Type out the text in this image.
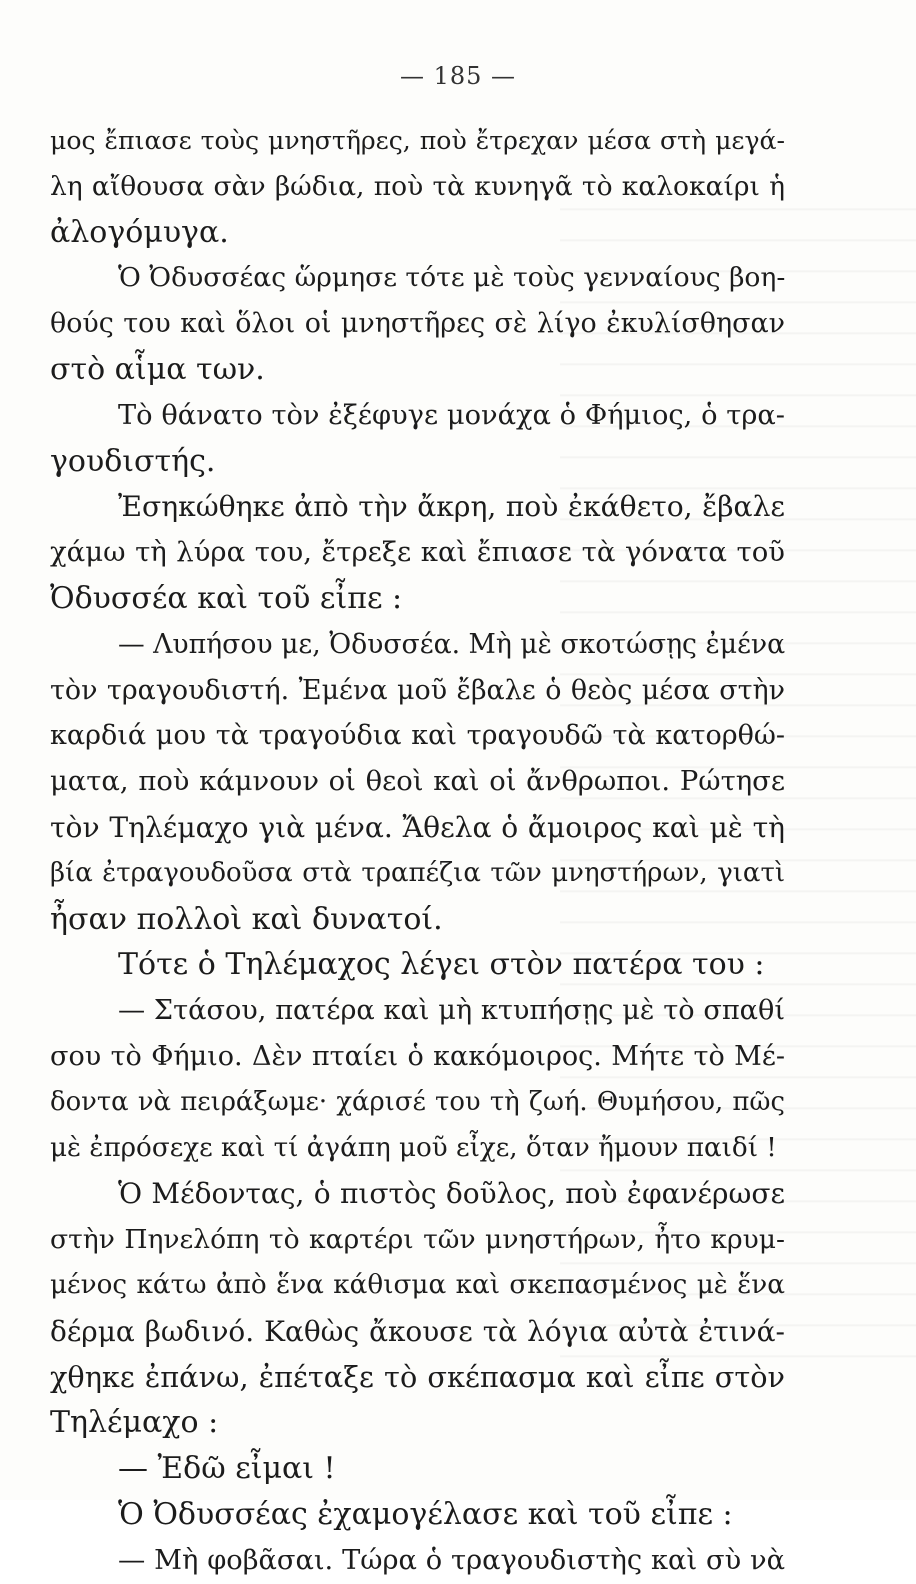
— 185 —
μος ἔπιασε τοὺς μνηστῆρες, ποὺ ἔτρεχαν μέσα στὴ μεγά-
λη αἴθουσα σὰν βώδια, ποὺ τὰ κυνηγᾶ τὸ καλοκαίρι ἡ
ἀλογόμυγα.
Ὁ Ὀδυσσέας ὥρμησε τότε μὲ τοὺς γενναίους βοη-
θούς του καὶ ὅλοι οἱ μνηστῆρες σὲ λίγο ἐκυλίσθησαν
στὸ αἷμα των.
Τὸ θάνατο τὸν ἐξέφυγε μονάχα ὁ Φήμιος, ὁ τρα-
γουδιστής.
Ἐσηκώθηκε ἀπὸ τὴν ἄκρη, ποὺ ἐκάθετο, ἔβαλε
χάμω τὴ λύρα του, ἔτρεξε καὶ ἔπιασε τὰ γόνατα τοῦ
Ὀδυσσέα καὶ τοῦ εἶπε :
— Λυπήσου με, Ὀδυσσέα. Μὴ μὲ σκοτώσῃς ἐμένα
τὸν τραγουδιστή. Ἐμένα μοῦ ἔβαλε ὁ θεὸς μέσα στὴν
καρδιά μου τὰ τραγούδια καὶ τραγουδῶ τὰ κατορθώ-
ματα, ποὺ κάμνουν οἱ θεοὶ καὶ οἱ ἄνθρωποι. Ρώτησε
τὸν Τηλέμαχο γιὰ μένα. Ἄθελα ὁ ἄμοιρος καὶ μὲ τὴ
βία ἐτραγουδοῦσα στὰ τραπέζια τῶν μνηστήρων, γιατὶ
ἦσαν πολλοὶ καὶ δυνατοί.
Τότε ὁ Τηλέμαχος λέγει στὸν πατέρα του :
— Στάσου, πατέρα καὶ μὴ κτυπήσῃς μὲ τὸ σπαθί
σου τὸ Φήμιο. Δὲν πταίει ὁ κακόμοιρος. Μήτε τὸ Μέ-
δοντα νὰ πειράξωμε· χάρισέ του τὴ ζωή. Θυμήσου, πῶς
μὲ ἐπρόσεχε καὶ τί ἀγάπη μοῦ εἶχε, ὅταν ἤμουν παιδί !
Ὁ Μέδοντας, ὁ πιστὸς δοῦλος, ποὺ ἐφανέρωσε
στὴν Πηνελόπη τὸ καρτέρι τῶν μνηστήρων, ἦτο κρυμ-
μένος κάτω ἀπὸ ἕνα κάθισμα καὶ σκεπασμένος μὲ ἕνα
δέρμα βωδινό. Καθὼς ἄκουσε τὰ λόγια αὐτὰ ἐτινά-
χθηκε ἐπάνω, ἐπέταξε τὸ σκέπασμα καὶ εἶπε στὸν
Τηλέμαχο :
— Ἐδῶ εἶμαι !
Ὁ Ὀδυσσέας ἐχαμογέλασε καὶ τοῦ εἶπε :
— Μὴ φοβᾶσαι. Τώρα ὁ τραγουδιστὴς καὶ σὺ νὰ
